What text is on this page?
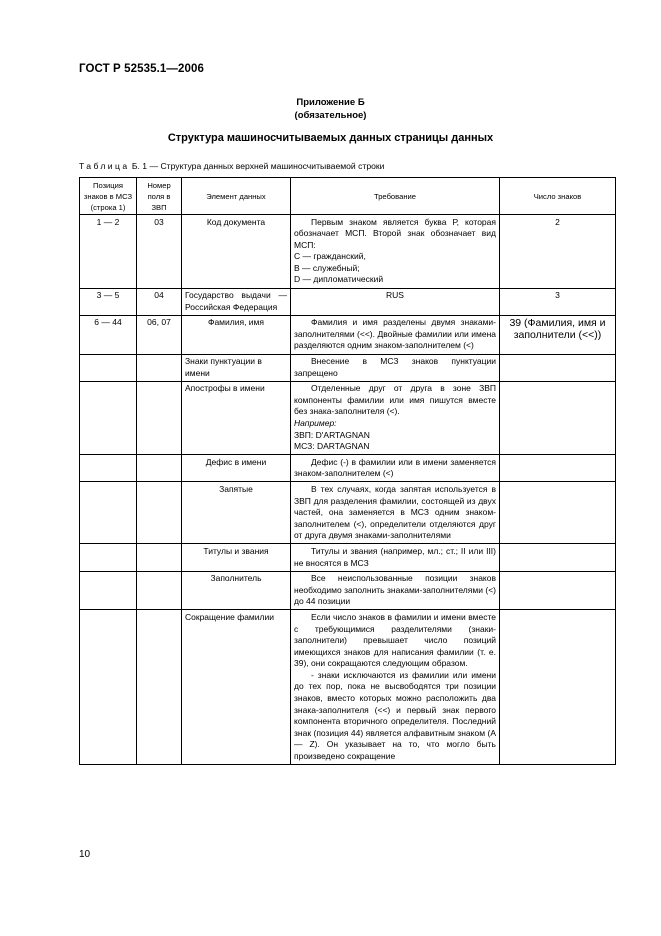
ГОСТ Р 52535.1—2006
Приложение Б
(обязательное)
Структура машиносчитываемых данных страницы данных
Таблица Б. 1 — Структура данных верхней машиносчитываемой строки
Позиция знаков в МСЗ (строка 1)	Номер поля в ЗВП	Элемент данных	Требование	Число знаков
1 — 2	03	Код документа	Первым знаком является буква Р, которая обозначает МСП. Второй знак обозначает вид МСП:
С — гражданский,
В — служебный;
D — дипломатический	2
3 — 5	04	Государство выдачи — Российская Федерация	RUS	3
6 — 44	06, 07	Фамилия, имя	Фамилия и имя разделены двумя знаками-заполнителями (<<). Двойные фамилии или имена разделяются одним знаком-заполнителем (<)	39 (Фамилия, имя и заполнители (<<))
		Знаки пунктуации в имени	Внесение в МСЗ знаков пунктуации запрещено	

		Апострофы в имени	Отделенные друг от друга в зоне ЗВП компоненты фамилии или имя пишутся вместе без знака-заполнителя (<).
Например:
ЗВП: D'ARTAGNAN
МСЗ: DARTAGNAN	

		Дефис в имени	Дефис (-) в фамилии или в имени заменяется знаком-заполнителем (<)	

		Запятые	В тех случаях, когда запятая используется в ЗВП для разделения фамилии, состоящей из двух частей, она заменяется в МСЗ одним знаком-заполнителем (<), определители отделяются друг от друга двумя знаками-заполнителями	

		Титулы и звания	Титулы и звания (например, мл.; ст.; II или III) не вносятся в МСЗ	

		Заполнитель	Все неиспользованные позиции знаков необходимо заполнить знаками-заполнителями (<) до 44 позиции	

		Сокращение фамилии	Если число знаков в фамилии и имени вместе с требующимися разделителями (знаки-заполнители) превышает число позиций имеющихся знаков для написания фамилии (т. е. 39), они сокращаются следующим образом.
- знаки исключаются из фамилии или имени до тех пор, пока не высвободятся три позиции знаков, вместо которых можно расположить два знака-заполнителя (<<) и первый знак первого компонента вторичного определителя. Последний знак (позиция 44) является алфавитным знаком (А — Z). Он указывает на то, что могло быть произведено сокращение	

10
